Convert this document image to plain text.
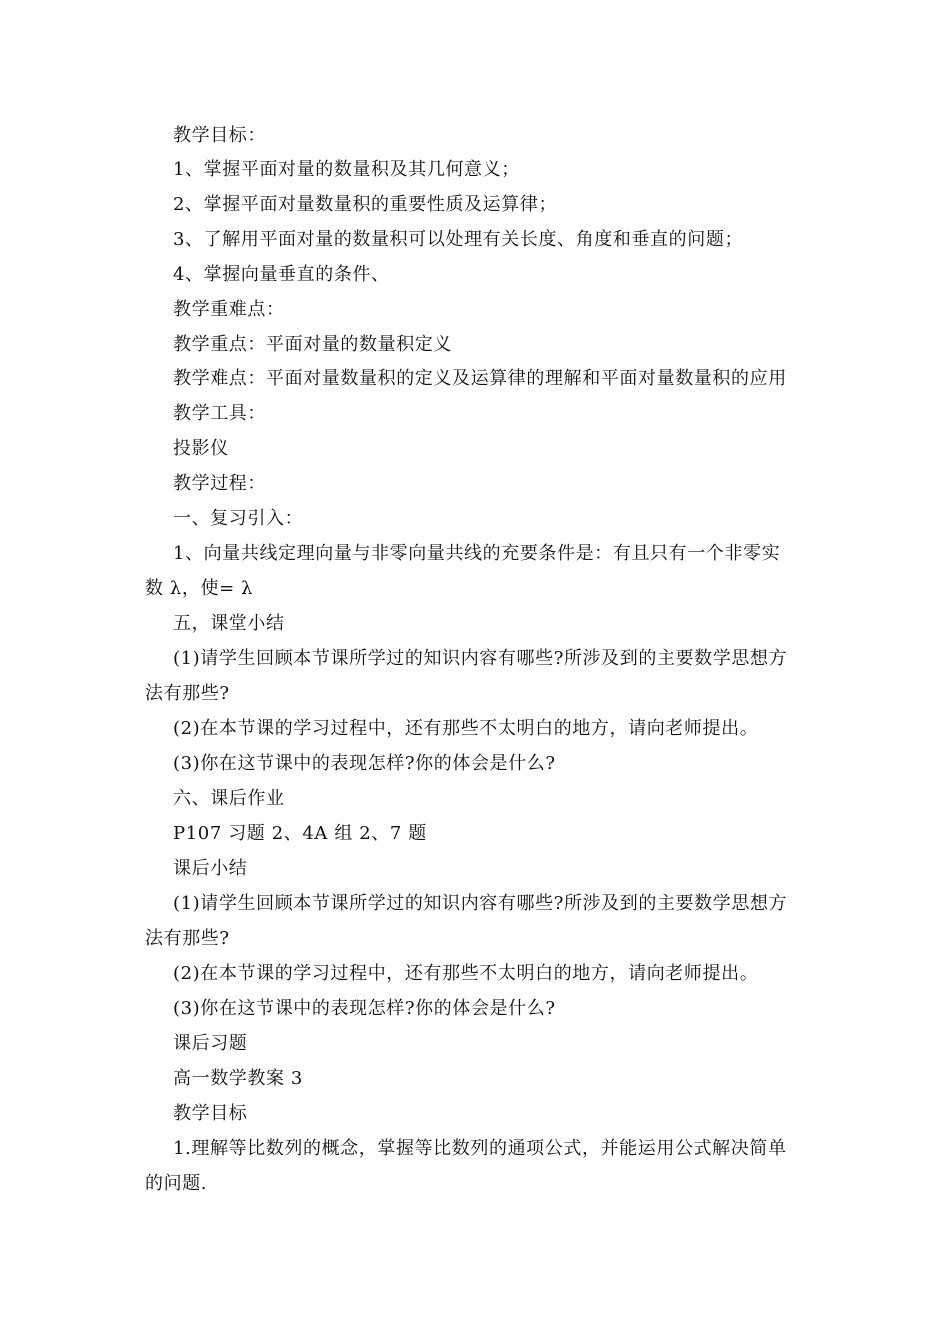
教学目标：
1、掌握平面对量的数量积及其几何意义；
2、掌握平面对量数量积的重要性质及运算律；
3、了解用平面对量的数量积可以处理有关长度、角度和垂直的问题；
4、掌握向量垂直的条件、
教学重难点：
教学重点：平面对量的数量积定义
教学难点：平面对量数量积的定义及运算律的理解和平面对量数量积的应用
教学工具：
投影仪
教学过程：
一、复习引入：
1、向量共线定理向量与非零向量共线的充要条件是：有且只有一个非零实
数 λ，使= λ
五，课堂小结
(1)请学生回顾本节课所学过的知识内容有哪些?所涉及到的主要数学思想方
法有那些?
(2)在本节课的学习过程中，还有那些不太明白的地方，请向老师提出。
(3)你在这节课中的表现怎样?你的体会是什么?
六、课后作业
P107 习题 2、4A 组 2、7 题
课后小结
(1)请学生回顾本节课所学过的知识内容有哪些?所涉及到的主要数学思想方
法有那些?
(2)在本节课的学习过程中，还有那些不太明白的地方，请向老师提出。
(3)你在这节课中的表现怎样?你的体会是什么?
课后习题
高一数学教案 3
教学目标
1.理解等比数列的概念，掌握等比数列的通项公式，并能运用公式解决简单
的问题.
